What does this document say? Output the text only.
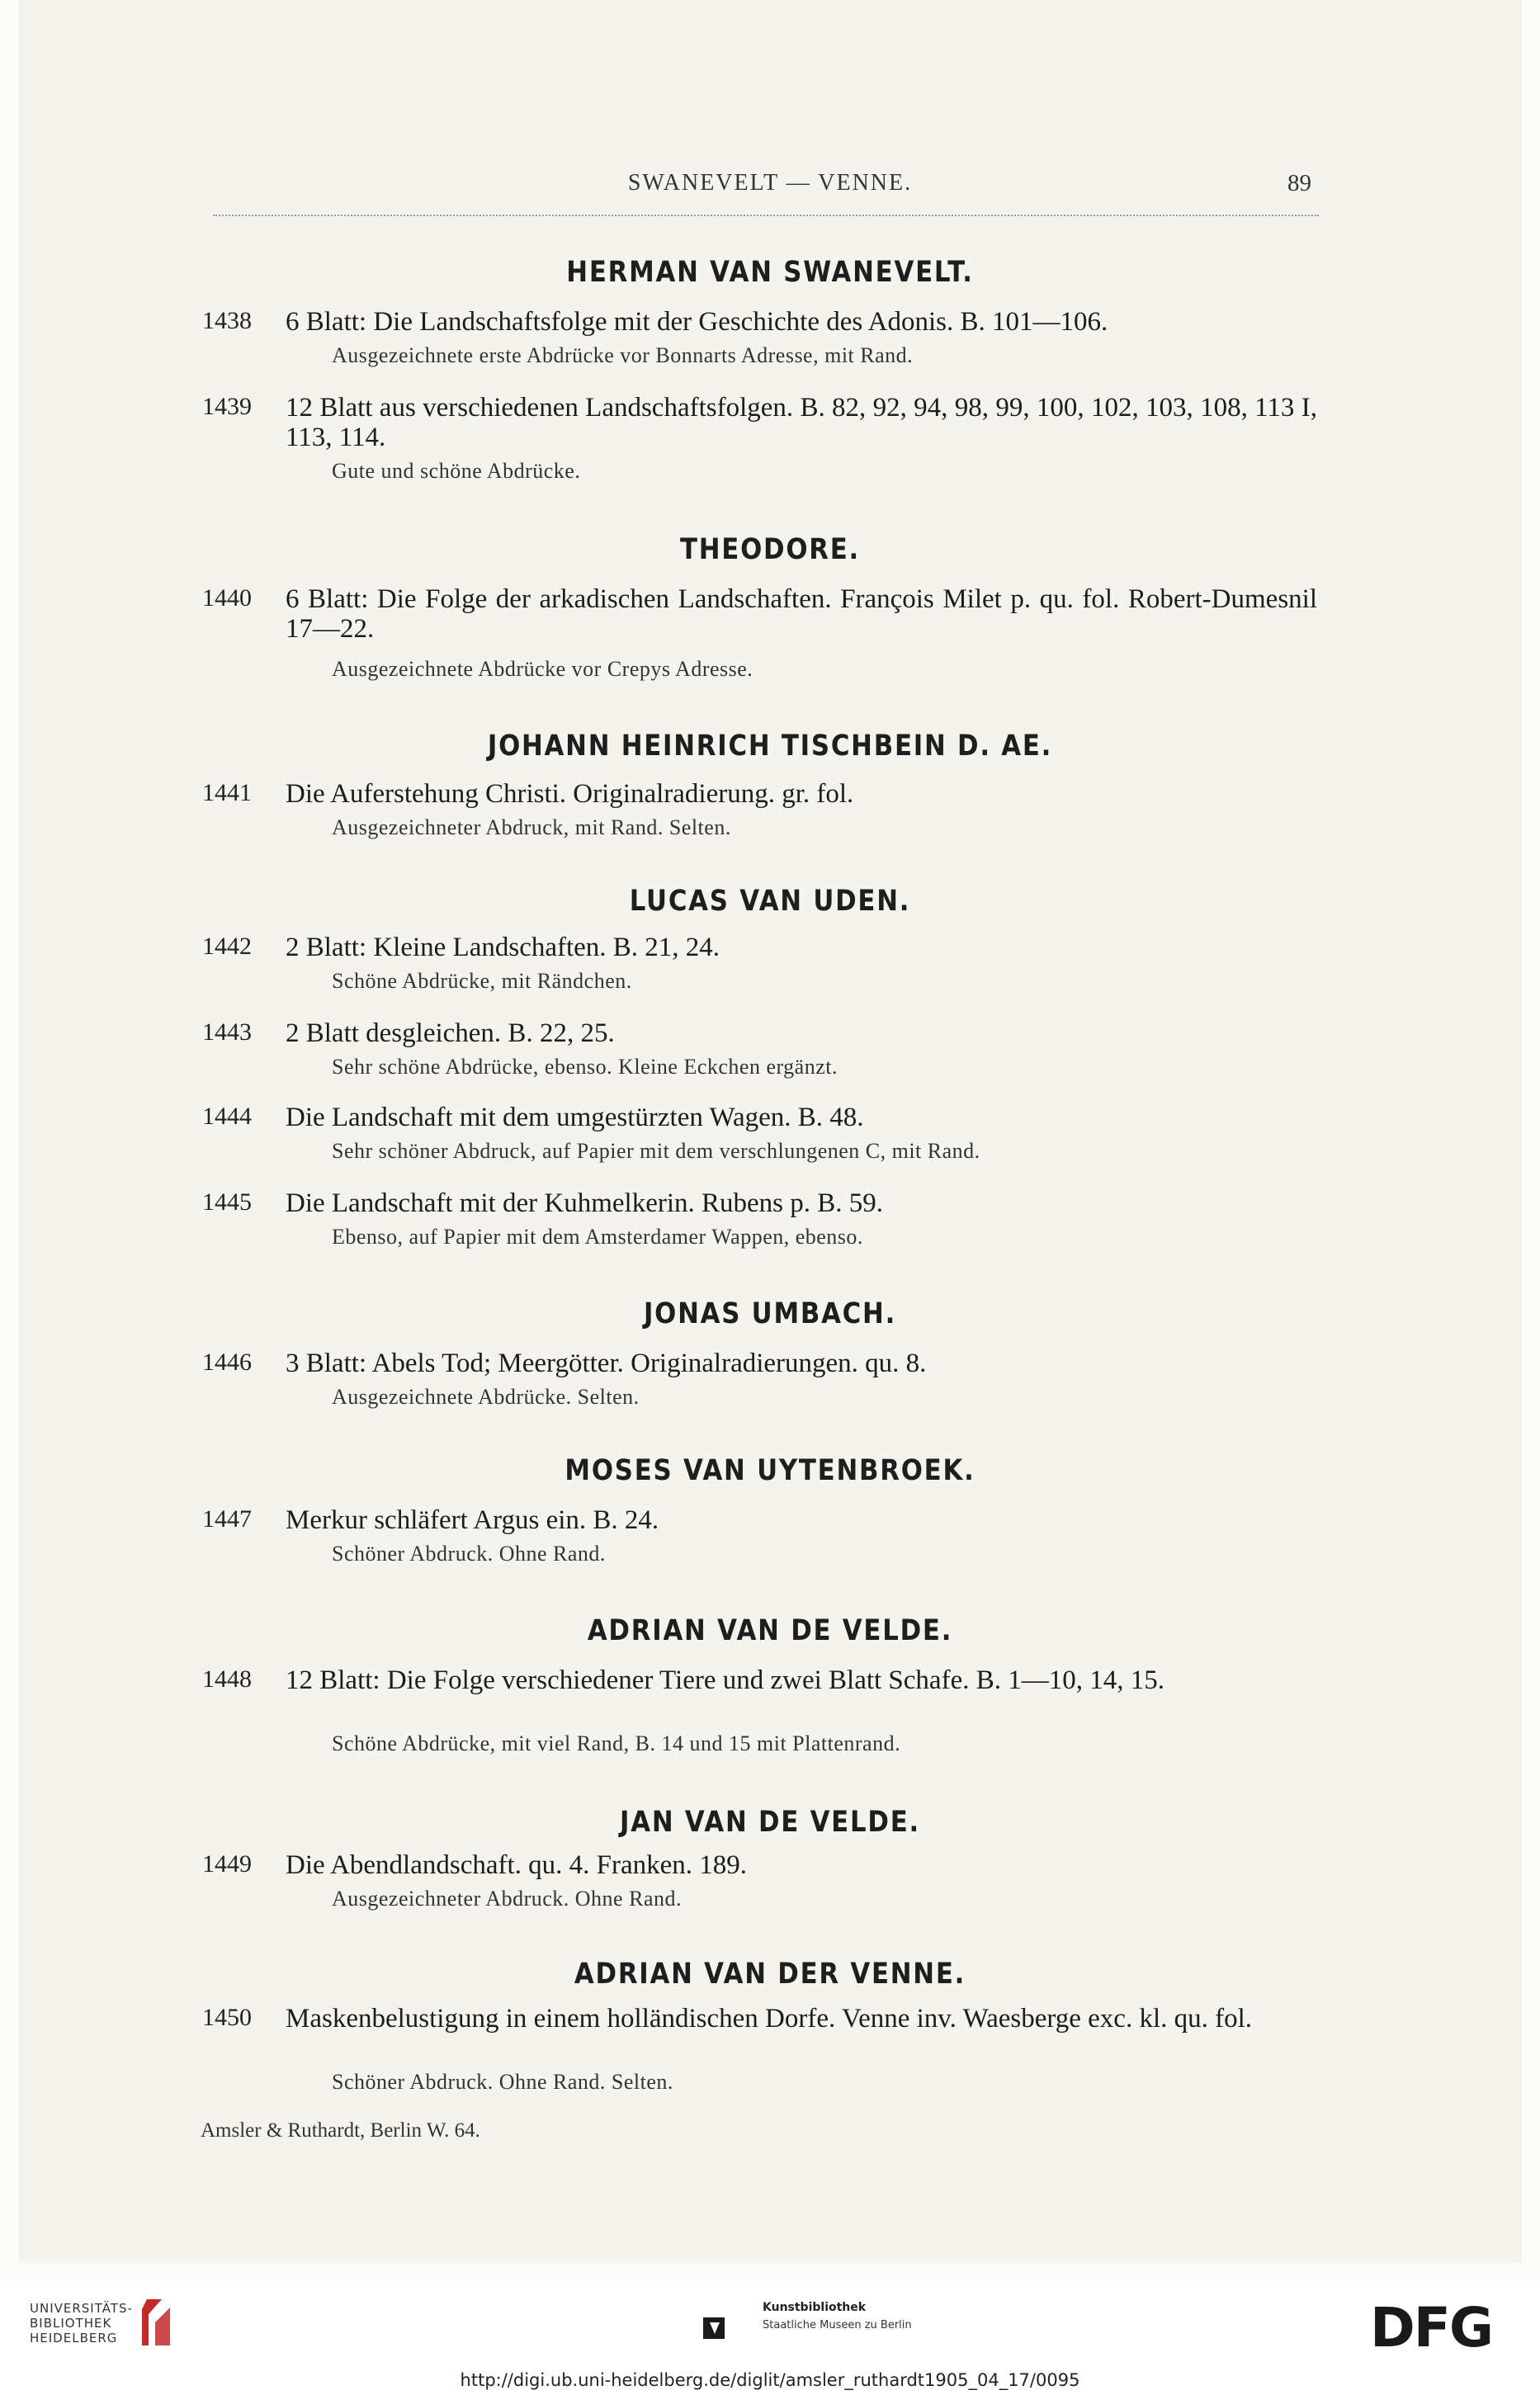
SWANEVELT — VENNE.	89
HERMAN VAN SWANEVELT.
1438 6 Blatt: Die Landschaftsfolge mit der Geschichte des Adonis. B. 101—106.
Ausgezeichnete erste Abdrücke vor Bonnarts Adresse, mit Rand.
1439 12 Blatt aus verschiedenen Landschaftsfolgen. B. 82, 92, 94, 98, 99, 100, 102, 103, 108, 113 I, 113, 114.
Gute und schöne Abdrücke.
THEODORE.
1440 6 Blatt: Die Folge der arkadischen Landschaften. François Milet p. qu. fol. Robert-Dumesnil 17—22.
Ausgezeichnete Abdrücke vor Crepys Adresse.
JOHANN HEINRICH TISCHBEIN D. AE.
1441 Die Auferstehung Christi. Originalradierung. gr. fol.
Ausgezeichneter Abdruck, mit Rand. Selten.
LUCAS VAN UDEN.
1442 2 Blatt: Kleine Landschaften. B. 21, 24.
Schöne Abdrücke, mit Rändchen.
1443 2 Blatt desgleichen. B. 22, 25.
Sehr schöne Abdrücke, ebenso. Kleine Eckchen ergänzt.
1444 Die Landschaft mit dem umgestürzten Wagen. B. 48.
Sehr schöner Abdruck, auf Papier mit dem verschlungenen C, mit Rand.
1445 Die Landschaft mit der Kuhmelkerin. Rubens p. B. 59.
Ebenso, auf Papier mit dem Amsterdamer Wappen, ebenso.
JONAS UMBACH.
1446 3 Blatt: Abels Tod; Meergötter. Originalradierungen. qu. 8.
Ausgezeichnete Abdrücke. Selten.
MOSES VAN UYTENBROEK.
1447 Merkur schläfert Argus ein. B. 24.
Schöner Abdruck. Ohne Rand.
ADRIAN VAN DE VELDE.
1448 12 Blatt: Die Folge verschiedener Tiere und zwei Blatt Schafe. B. 1—10, 14, 15.
Schöne Abdrücke, mit viel Rand, B. 14 und 15 mit Plattenrand.
JAN VAN DE VELDE.
1449 Die Abendlandschaft. qu. 4. Franken. 189.
Ausgezeichneter Abdruck. Ohne Rand.
ADRIAN VAN DER VENNE.
1450 Maskenbelustigung in einem holländischen Dorfe. Venne inv. Waesberge exc. kl. qu. fol.
Schöner Abdruck. Ohne Rand. Selten.
Amsler & Ruthardt, Berlin W. 64.
UNIVERSITÄTS-
BIBLIOTHEK
HEIDELBERG
Kunstbibliothek
Staatliche Museen zu Berlin	DFG
http://digi.ub.uni-heidelberg.de/diglit/amsler_ruthardt1905_04_17/0095
